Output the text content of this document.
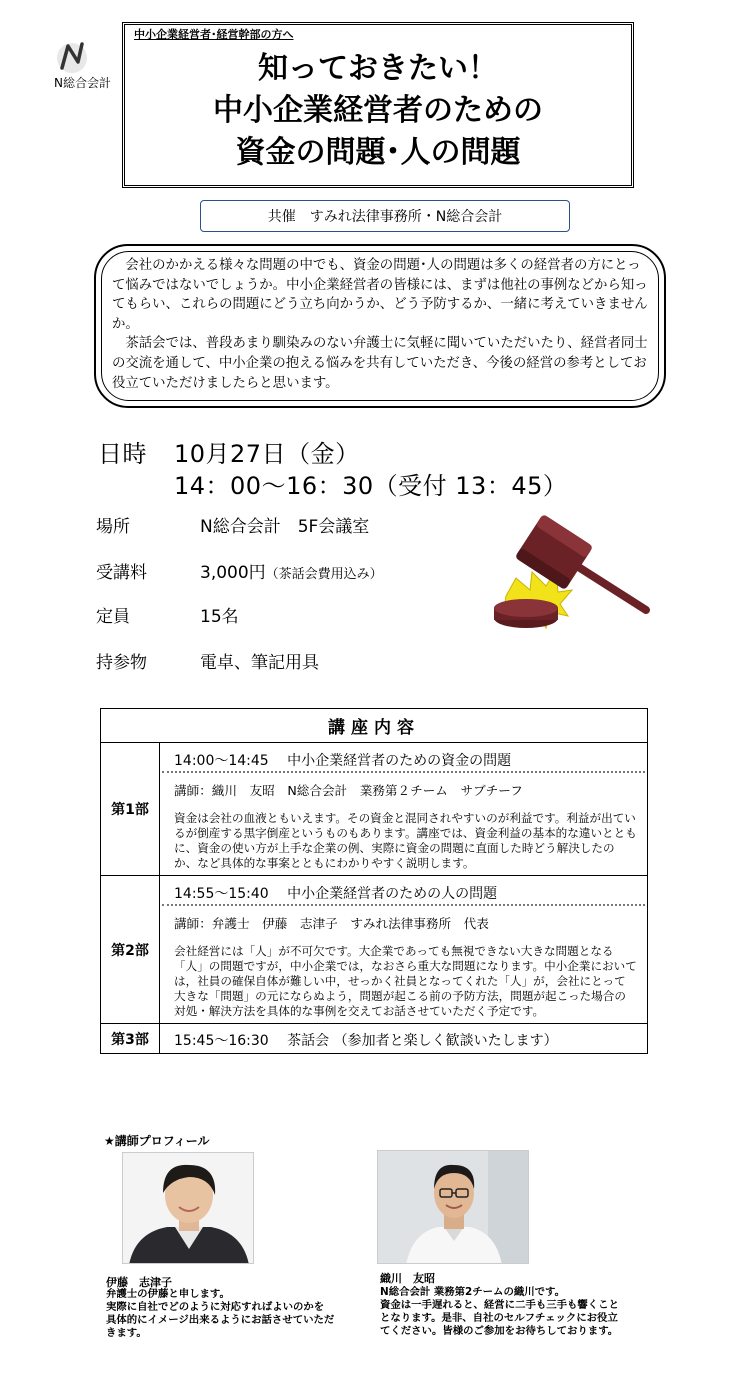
N総合会計
中小企業経営者･経営幹部の方へ
知っておきたい！
中小企業経営者のための
資金の問題･人の問題
共催　すみれ法律事務所・N総合会計

会社のかかえる様々な問題の中でも、資金の問題･人の問題は多くの経営者の方にとって悩みではないでしょうか。中小企業経営者の皆様には、まずは他社の事例などから知ってもらい、これらの問題にどう立ち向かうか、どう予防するか、一緒に考えていきませんか。

茶話会では、普段あまり馴染みのない弁護士に気軽に聞いていただいたり、経営者同士の交流を通して、中小企業の抱える悩みを共有していただき、今後の経営の参考としてお役立ていただけましたらと思います。

日時 10月27日（金）
14：00～16：30（受付 13：45）
場所	N総合会計　5F会議室
受講料	3,000円（茶話会費用込み）
定員	15名
持参物	電卓、筆記用具
講座内容	
第1部	14:00～14:45　 中小企業経営者のための資金の問題
講師：織川　友昭　N総合会計　業務第２チーム　サブチーフ
資金は会社の血液ともいえます。その資金と混同されやすいのが利益です。利益が出ているが倒産する黒字倒産というものもあります。講座では、資金利益の基本的な違いとともに、資金の使い方が上手な企業の例、実際に資金の問題に直面した時どう解決したのか、など具体的な事案とともにわかりやすく説明します。

第2部	14:55～15:40　 中小企業経営者のための人の問題
講師：弁護士　伊藤　志津子　すみれ法律事務所　代表
会社経営には「人」が不可欠です。大企業であっても無視できない大きな問題となる「人」の問題ですが，中小企業では，なおさら重大な問題になります。中小企業においては，社員の確保自体が難しい中，せっかく社員となってくれた「人」が，会社にとって大きな「問題」の元にならぬよう，問題が起こる前の予防方法，問題が起こった場合の対処・解決方法を具体的な事例を交えてお話させていただく予定です。

第3部	15:45～16:30　 茶話会 （参加者と楽しく歓談いたします）
★講師プロフィール
伊藤　志津子
弁護士の伊藤と申します。
実際に自社でどのように対応すればよいのかを
具体的にイメージ出来るようにお話させていただ
きます。
織川　友昭
N総合会計 業務第2チームの織川です。
資金は一手遅れると、経営に二手も三手も響くこと
となります。是非、自社のセルフチェックにお役立
てください。皆様のご参加をお待ちしております。
